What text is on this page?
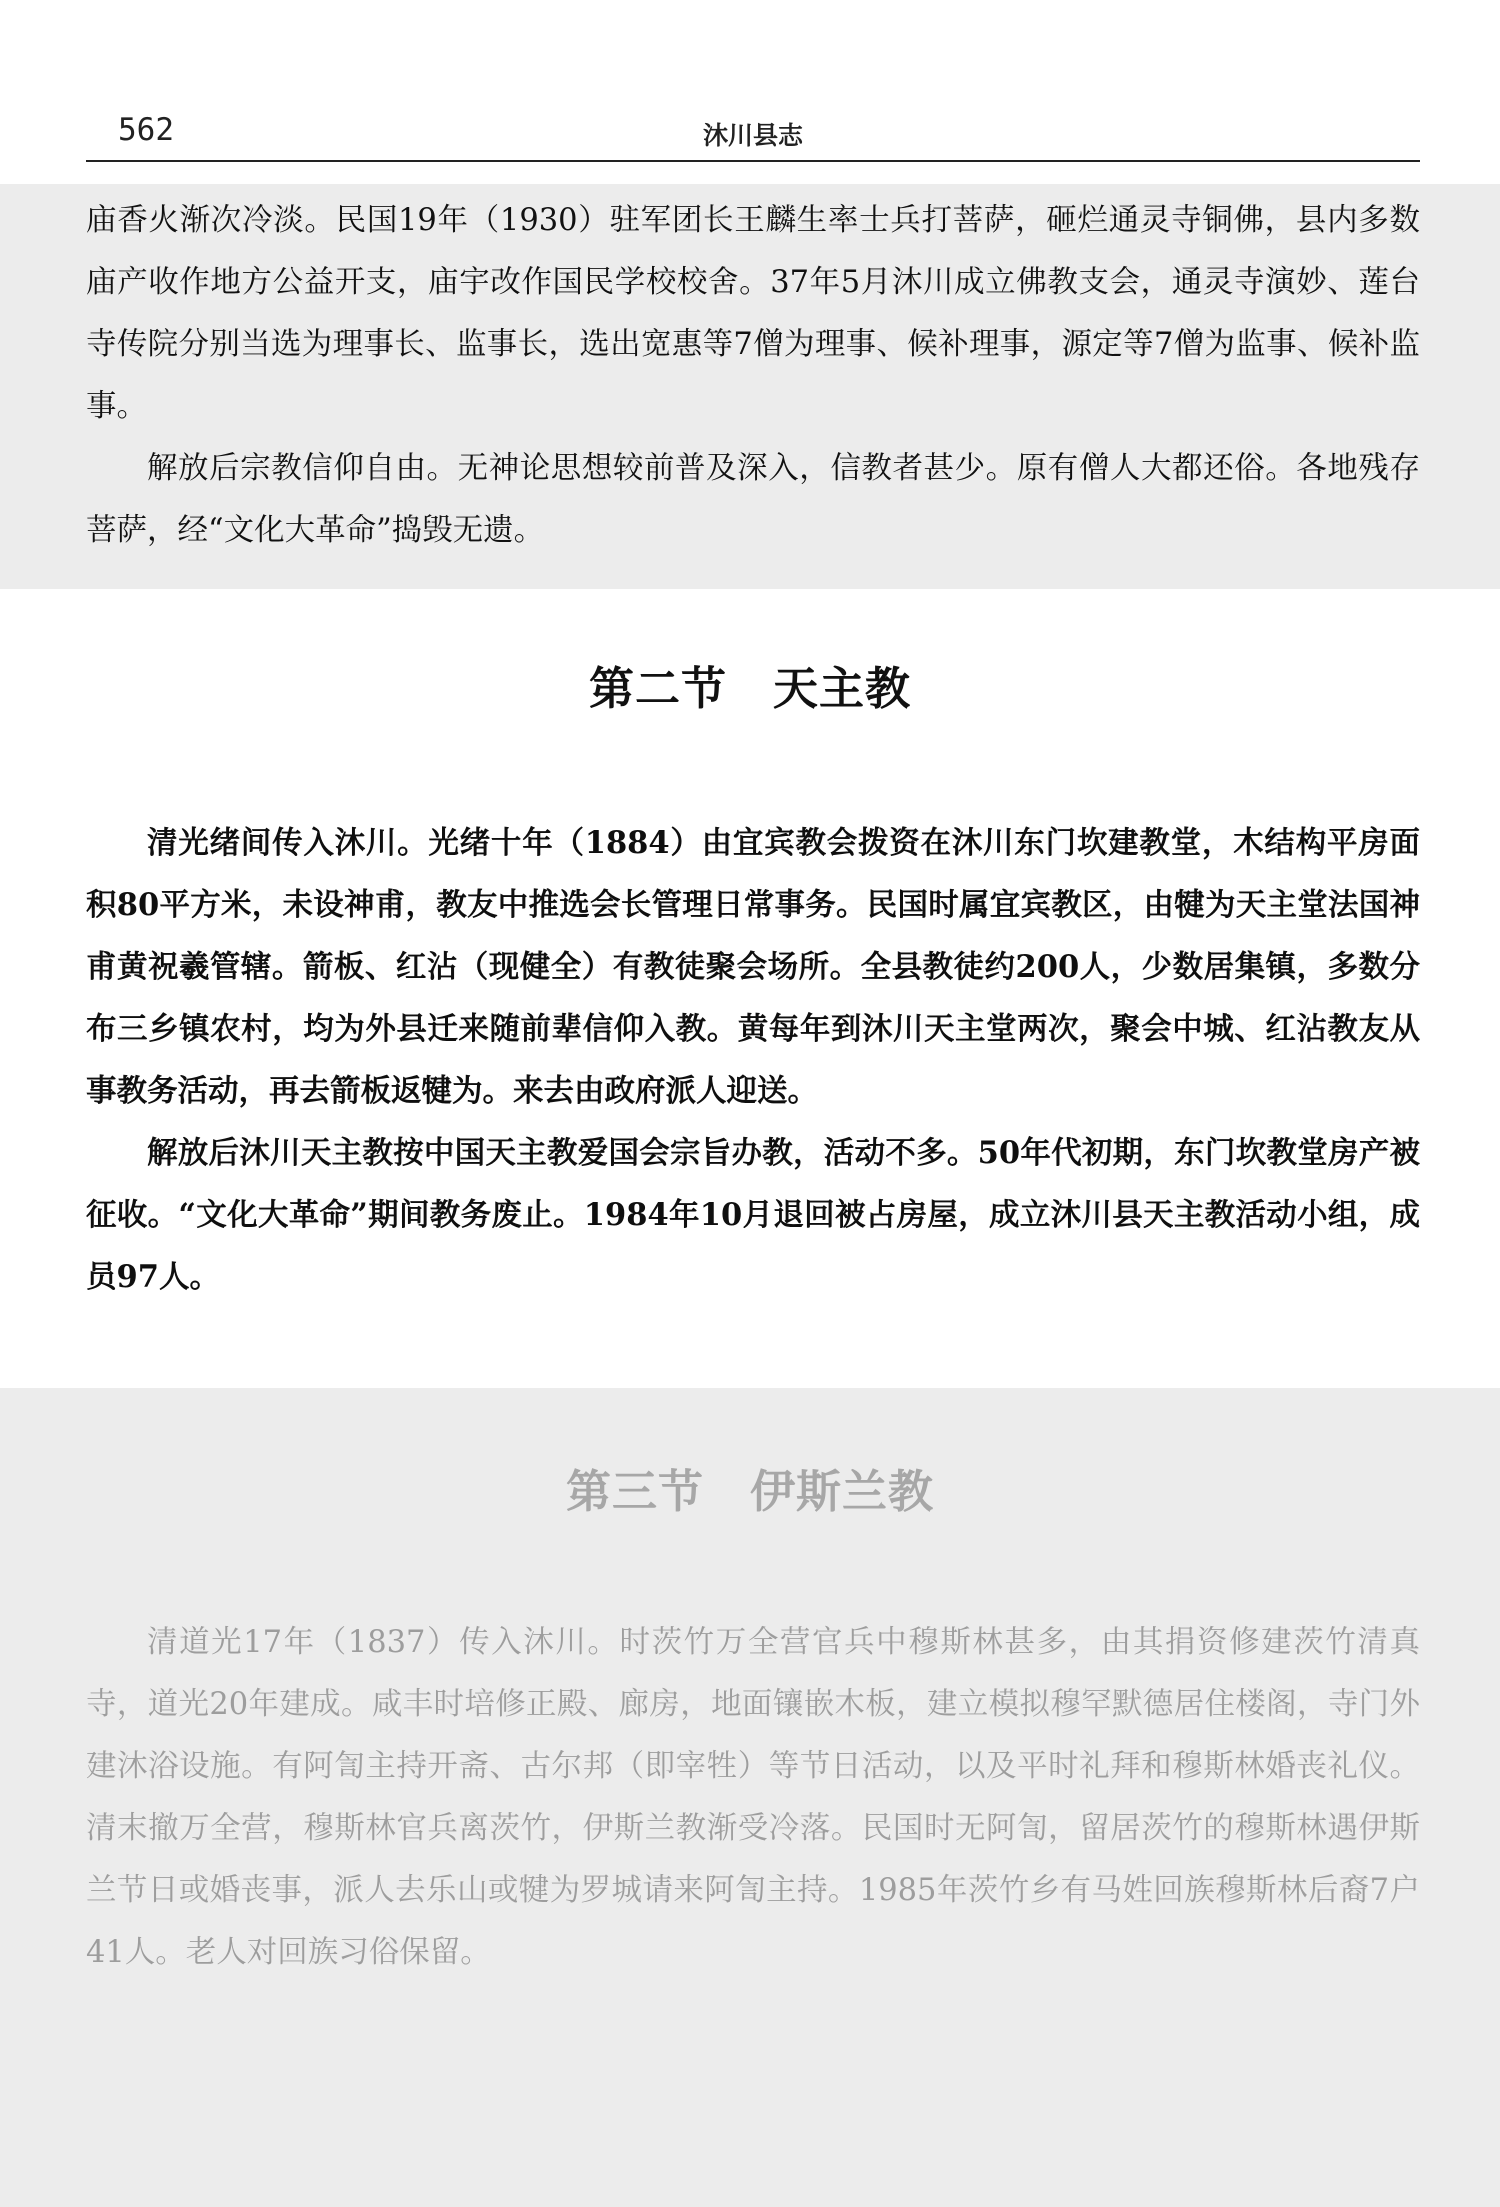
562	沐川县志

庙香火渐次冷淡。民国19年（1930）驻军团长王麟生率士兵打菩萨，砸烂通灵寺铜佛，县内多数庙产收作地方公益开支，庙宇改作国民学校校舍。37年5月沐川成立佛教支会，通灵寺演妙、莲台寺传院分别当选为理事长、监事长，选出宽惠等7僧为理事、候补理事，源定等7僧为监事、候补监事。

解放后宗教信仰自由。无神论思想较前普及深入，信教者甚少。原有僧人大都还俗。各地残存菩萨，经“文化大革命”捣毁无遗。

第二节　天主教

清光绪间传入沐川。光绪十年（1884）由宜宾教会拨资在沐川东门坎建教堂，木结构平房面积80平方米，未设神甫，教友中推选会长管理日常事务。民国时属宜宾教区，由犍为天主堂法国神甫黄祝羲管辖。箭板、红沾（现健全）有教徒聚会场所。全县教徒约200人，少数居集镇，多数分布三乡镇农村，均为外县迁来随前辈信仰入教。黄每年到沐川天主堂两次，聚会中城、红沾教友从事教务活动，再去箭板返犍为。来去由政府派人迎送。

解放后沐川天主教按中国天主教爱国会宗旨办教，活动不多。50年代初期，东门坎教堂房产被征收。“文化大革命”期间教务废止。1984年10月退回被占房屋，成立沐川县天主教活动小组，成员97人。

第三节　伊斯兰教

清道光17年（1837）传入沐川。时茨竹万全营官兵中穆斯林甚多，由其捐资修建茨竹清真寺，道光20年建成。咸丰时培修正殿、廊房，地面镶嵌木板，建立模拟穆罕默德居住楼阁，寺门外建沐浴设施。有阿訇主持开斋、古尔邦（即宰牲）等节日活动，以及平时礼拜和穆斯林婚丧礼仪。清末撤万全营，穆斯林官兵离茨竹，伊斯兰教渐受冷落。民国时无阿訇，留居茨竹的穆斯林遇伊斯兰节日或婚丧事，派人去乐山或犍为罗城请来阿訇主持。1985年茨竹乡有马姓回族穆斯林后裔7户41人。老人对回族习俗保留。
